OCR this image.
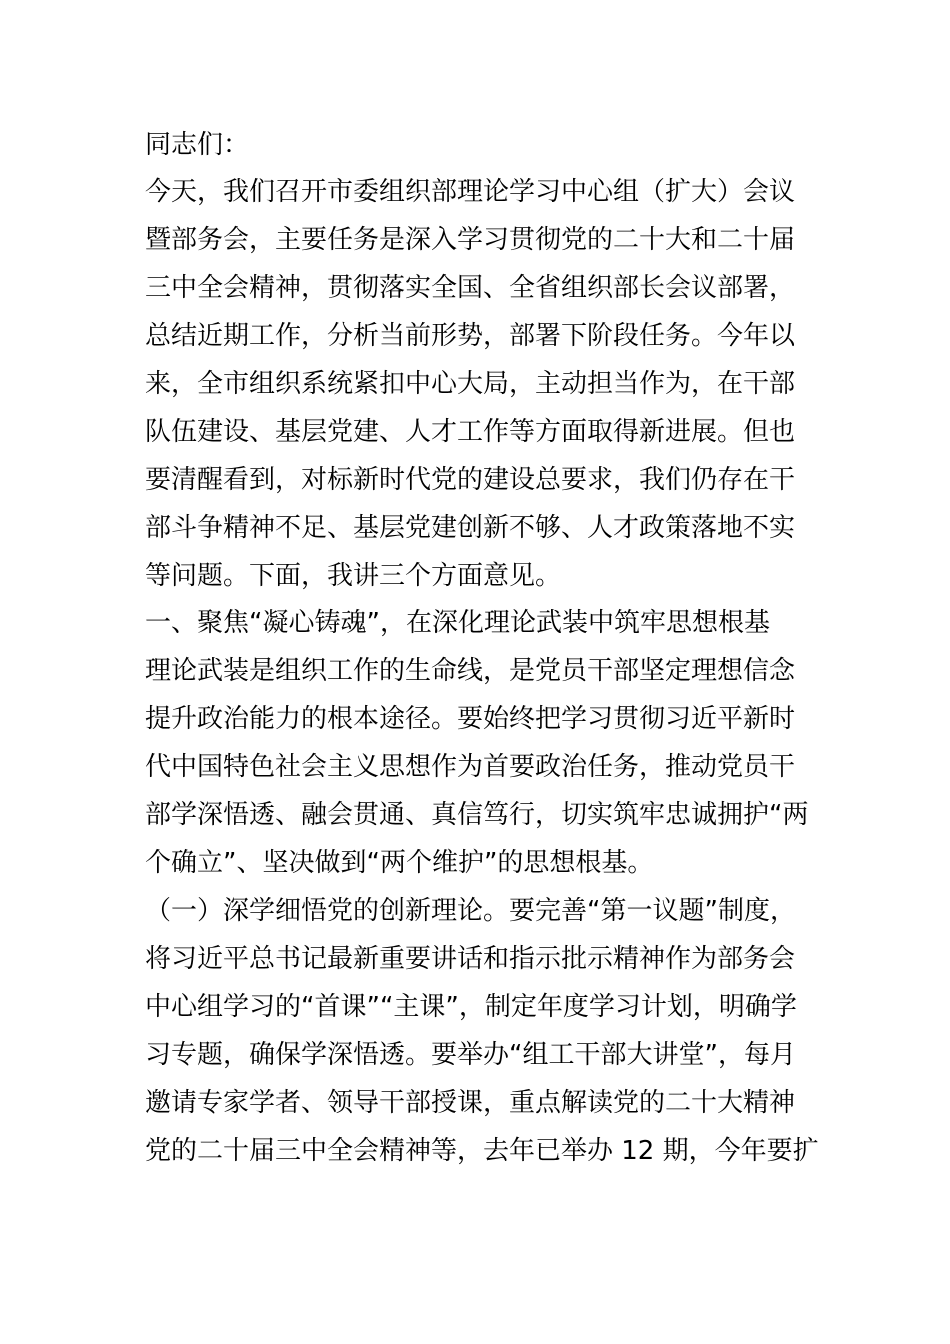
同志们：

今天，我们召开市委组织部理论学习中心组（扩大）会议

暨部务会，主要任务是深入学习贯彻党的二十大和二十届

三中全会精神，贯彻落实全国、全省组织部长会议部署，

总结近期工作，分析当前形势，部署下阶段任务。今年以

来，全市组织系统紧扣中心大局，主动担当作为，在干部

队伍建设、基层党建、人才工作等方面取得新进展。但也

要清醒看到，对标新时代党的建设总要求，我们仍存在干

部斗争精神不足、基层党建创新不够、人才政策落地不实

等问题。下面，我讲三个方面意见。

一、聚焦“凝心铸魂”，在深化理论武装中筑牢思想根基

理论武装是组织工作的生命线，是党员干部坚定理想信念

提升政治能力的根本途径。要始终把学习贯彻习近平新时

代中国特色社会主义思想作为首要政治任务，推动党员干

部学深悟透、融会贯通、真信笃行，切实筑牢忠诚拥护“两

个确立”、坚决做到“两个维护”的思想根基。

（一）深学细悟党的创新理论。要完善“第一议题”制度，

将习近平总书记最新重要讲话和指示批示精神作为部务会

中心组学习的“首课”“主课”，制定年度学习计划，明确学

习专题，确保学深悟透。要举办“组工干部大讲堂”，每月

邀请专家学者、领导干部授课，重点解读党的二十大精神

党的二十届三中全会精神等，去年已举办 12 期，今年要扩
